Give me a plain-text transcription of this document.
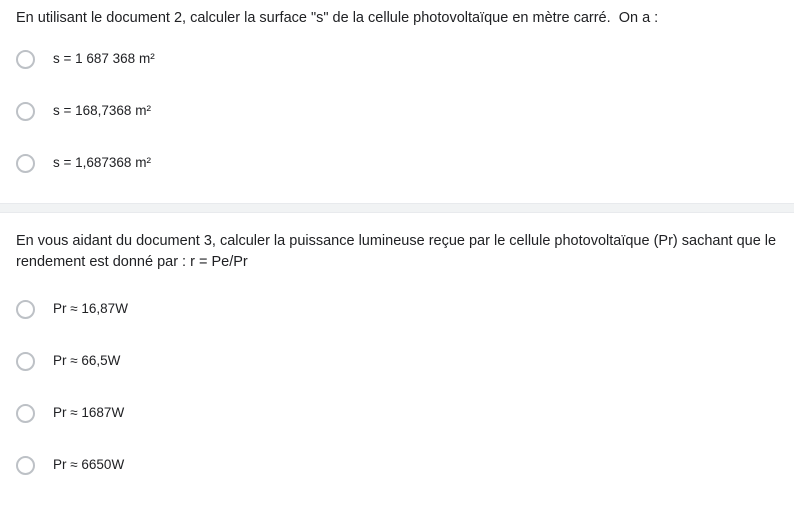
En utilisant le document 2, calculer la surface "s" de la cellule photovoltaïque en mètre carré.  On a :

s = 1 687 368 m²
s = 168,7368 m²
s = 1,687368 m²

En vous aidant du document 3, calculer la puissance lumineuse reçue par le cellule photovoltaïque (Pr) sachant que le rendement est donné par : r = Pe/Pr

Pr ≈ 16,87W
Pr ≈ 66,5W
Pr ≈ 1687W
Pr ≈ 6650W
